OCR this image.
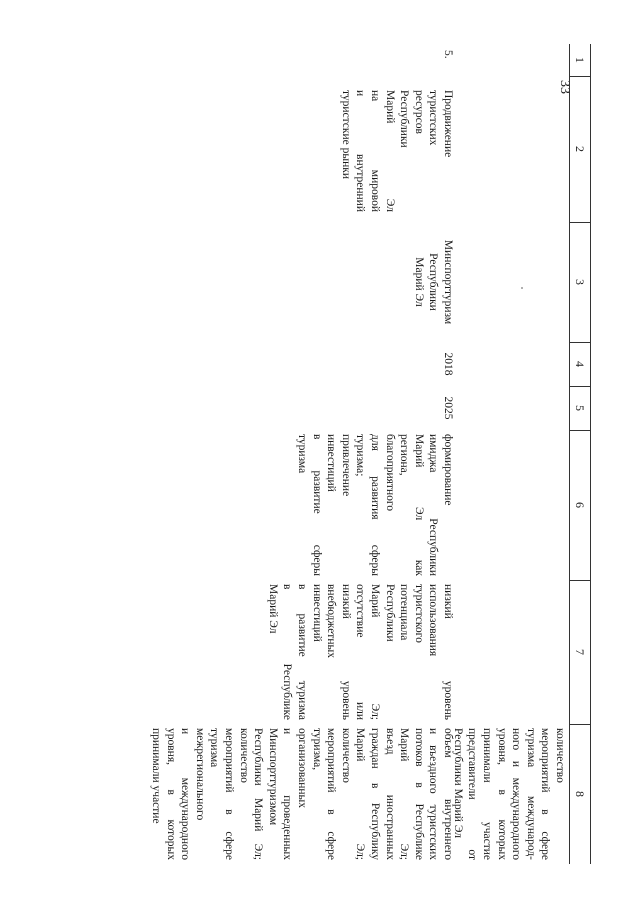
33
1
2
3
4
5
6
7
8
количество
мероприятий в сфере
туризма международ-
ного и международного
уровня, в которых
принимали участие
представители от
Республики Марий Эл
5.
Продвижение
туристских
ресурсов
Республики
Марий Эл
на мировой
и внутренний
туристские рынки
Минспорттуризм
Республики
Марий Эл
2018
2025
формирование
имиджа Республики
Марий Эл как
региона,
благоприятного
для развития сферы
туризма;
привлечение
инвестиций
в развитие сферы
туризма
низкий уровень
использования
туристского
потенциала
Республики
Марий Эл;
отсутствие или
низкий уровень
внебюджетных
инвестиций
в развитие туризма
в Республике
Марий Эл
объем внутреннего
и въездного туристских
потоков в Республике
Марий Эл;
въезд иностранных
граждан в Республику
Марий Эл;
количество
мероприятий в сфере
туризма,
организованных
и проведенных
Минспорттуризмом
Республики Марий Эл;
количество
мероприятий в сфере
туризма
межрегионального
и международного
уровня, в которых
принимали участие
